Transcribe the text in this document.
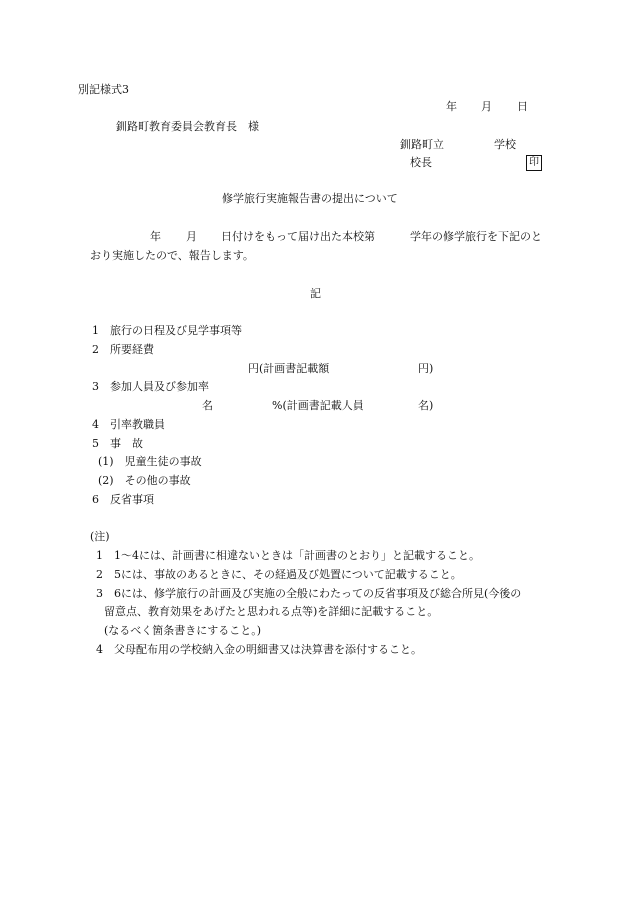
別記様式3
年 月 日
釧路町教育委員会教育長　様
釧路町立	学校
校長	印
修学旅行実施報告書の提出について
年 月 日付けをもって届け出た本校第	学年の修学旅行を下記のと
おり実施したので、報告します。
記
1　旅行の日程及び見学事項等
2　所要経費
円(計画書記載額	円)
3　参加人員及び参加率
名	%(計画書記載人員	名)
4　引率教職員
5　事　故
(1)　児童生徒の事故
(2)　その他の事故
6　反省事項
(注)
1　1～4には、計画書に相違ないときは「計画書のとおり」と記載すること。
2　5には、事故のあるときに、その経過及び処置について記載すること。
3　6には、修学旅行の計画及び実施の全般にわたっての反省事項及び総合所見(今後の
留意点、教育効果をあげたと思われる点等)を詳細に記載すること。
(なるべく箇条書きにすること。)
4　父母配布用の学校納入金の明細書又は決算書を添付すること。
